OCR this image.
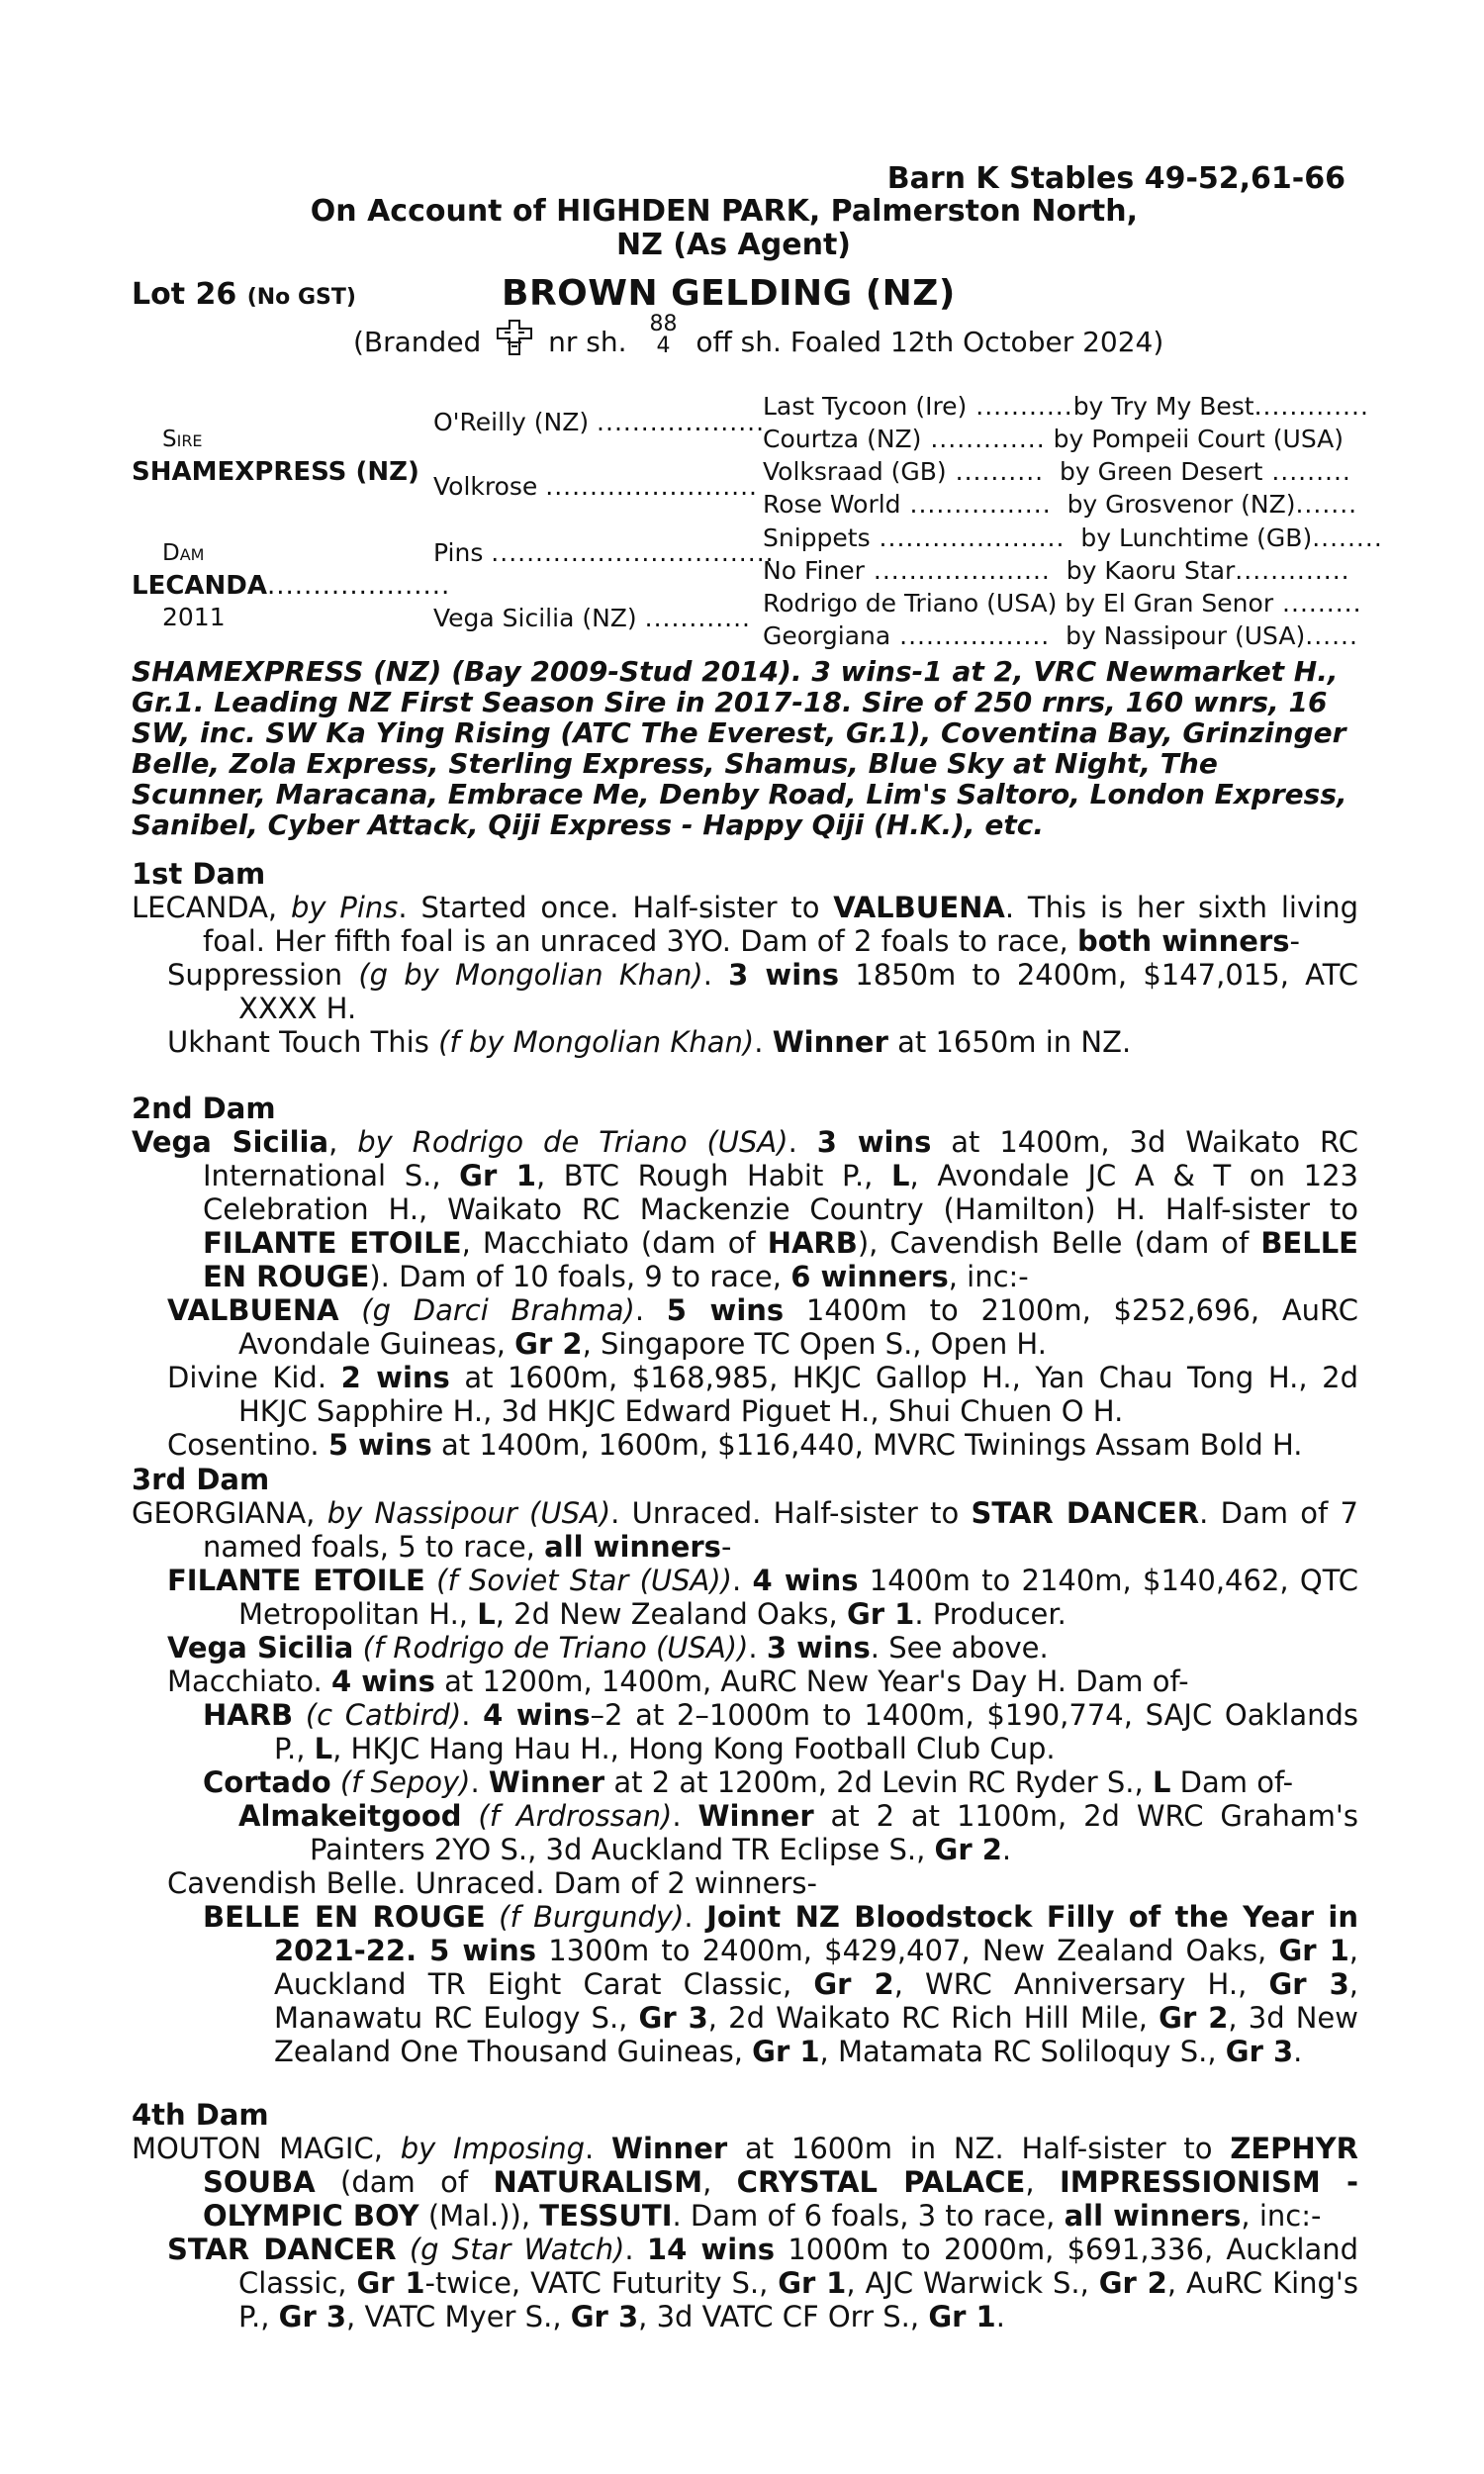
Barn K Stables 49-52,61-66
On Account of HIGHDEN PARK, Palmerston North,
NZ (As Agent)
Lot 26 (No GST)	BROWN GELDING (NZ)
(Branded nr sh. 88
4 off sh. Foaled 12th October 2024)
Sire
SHAMEXPRESS (NZ)
Dam
LECANDA....................
2011
O'Reilly (NZ) ...................
Volkrose ........................
Pins ................................
Vega Sicilia (NZ) ............
Last Tycoon (Ire) ...........by Try My Best.............
Courtza (NZ) ............. by Pompeii Court (USA)
Volksraad (GB) .......... by Green Desert .........
Rose World ................ by Grosvenor (NZ).......
Snippets ..................... by Lunchtime (GB)........
No Finer .................... by Kaoru Star.............
Rodrigo de Triano (USA) by El Gran Senor .........
Georgiana ................. by Nassipour (USA)......
SHAMEXPRESS (NZ) (Bay 2009-Stud 2014). 3 wins-1 at 2, VRC Newmarket H., Gr.1. Leading NZ First Season Sire in 2017-18. Sire of 250 rnrs, 160 wnrs, 16 SW, inc. SW Ka Ying Rising (ATC The Everest, Gr.1), Coventina Bay, Grinzinger Belle, Zola Express, Sterling Express, Shamus, Blue Sky at Night, The Scunner, Maracana, Embrace Me, Denby Road, Lim's Saltoro, London Express, Sanibel, Cyber Attack, Qiji Express - Happy Qiji (H.K.), etc.
1st Dam

LECANDA, by Pins. Started once. Half-sister to VALBUENA. This is her sixth living foal. Her fifth foal is an unraced 3YO. Dam of 2 foals to race, both winners-

Suppression (g by Mongolian Khan). 3 wins 1850m to 2400m, $147,015, ATC XXXX H.

Ukhant Touch This (f by Mongolian Khan). Winner at 1650m in NZ.

2nd Dam

Vega Sicilia, by Rodrigo de Triano (USA). 3 wins at 1400m, 3d Waikato RC International S., Gr 1, BTC Rough Habit P., L, Avondale JC A & T on 123 Celebration H., Waikato RC Mackenzie Country (Hamilton) H. Half-sister to FILANTE ETOILE, Macchiato (dam of HARB), Cavendish Belle (dam of BELLE EN ROUGE). Dam of 10 foals, 9 to race, 6 winners, inc:-

VALBUENA (g Darci Brahma). 5 wins 1400m to 2100m, $252,696, AuRC Avondale Guineas, Gr 2, Singapore TC Open S., Open H.

Divine Kid. 2 wins at 1600m, $168,985, HKJC Gallop H., Yan Chau Tong H., 2d HKJC Sapphire H., 3d HKJC Edward Piguet H., Shui Chuen O H.

Cosentino. 5 wins at 1400m, 1600m, $116,440, MVRC Twinings Assam Bold H.

3rd Dam

GEORGIANA, by Nassipour (USA). Unraced. Half-sister to STAR DANCER. Dam of 7 named foals, 5 to race, all winners-

FILANTE ETOILE (f Soviet Star (USA)). 4 wins 1400m to 2140m, $140,462, QTC Metropolitan H., L, 2d New Zealand Oaks, Gr 1. Producer.

Vega Sicilia (f Rodrigo de Triano (USA)). 3 wins. See above.

Macchiato. 4 wins at 1200m, 1400m, AuRC New Year's Day H. Dam of-

HARB (c Catbird). 4 wins–2 at 2–1000m to 1400m, $190,774, SAJC Oaklands P., L, HKJC Hang Hau H., Hong Kong Football Club Cup.

Cortado (f Sepoy). Winner at 2 at 1200m, 2d Levin RC Ryder S., L Dam of-

Almakeitgood (f Ardrossan). Winner at 2 at 1100m, 2d WRC Graham's Painters 2YO S., 3d Auckland TR Eclipse S., Gr 2.

Cavendish Belle. Unraced. Dam of 2 winners-

BELLE EN ROUGE (f Burgundy). Joint NZ Bloodstock Filly of the Year in 2021-22. 5 wins 1300m to 2400m, $429,407, New Zealand Oaks, Gr 1, Auckland TR Eight Carat Classic, Gr 2, WRC Anniversary H., Gr 3, Manawatu RC Eulogy S., Gr 3, 2d Waikato RC Rich Hill Mile, Gr 2, 3d New Zealand One Thousand Guineas, Gr 1, Matamata RC Soliloquy S., Gr 3.

4th Dam

MOUTON MAGIC, by Imposing. Winner at 1600m in NZ. Half-sister to ZEPHYR SOUBA (dam of NATURALISM, CRYSTAL PALACE, IMPRESSIONISM - OLYMPIC BOY (Mal.)), TESSUTI. Dam of 6 foals, 3 to race, all winners, inc:-

STAR DANCER (g Star Watch). 14 wins 1000m to 2000m, $691,336, Auckland Classic, Gr 1-twice, VATC Futurity S., Gr 1, AJC Warwick S., Gr 2, AuRC King's P., Gr 3, VATC Myer S., Gr 3, 3d VATC CF Orr S., Gr 1.
